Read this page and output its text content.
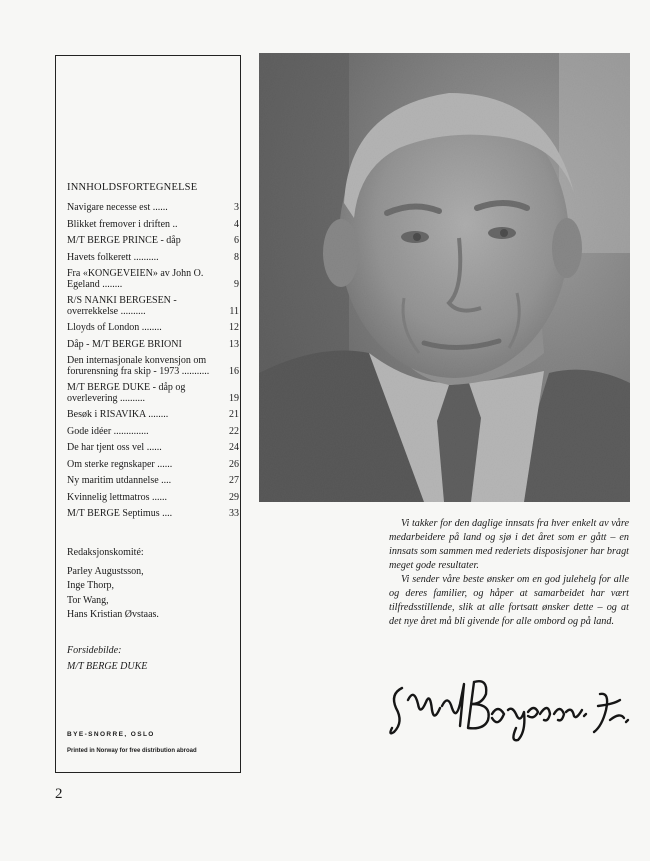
INNHOLDSFORTEGNELSE
Navigare necesse est ......	3
Blikket fremover i driften ..	4
M/T BERGE PRINCE - dåp	6
Havets folkerett ..........	8
Fra «KONGEVEIEN» av John O. Egeland ........	9
R/S NANKI BERGESEN - overrekkelse ..........	11
Lloyds of London ........	12
Dåp - M/T BERGE BRIONI	13
Den internasjonale konvensjon om forurensning fra skip - 1973 ...........	16
M/T BERGE DUKE - dåp og overlevering ..........	19
Besøk i RISAVIKA ........	21
Gode idéer ..............	22
De har tjent oss vel ......	24
Om sterke regnskaper ......	26
Ny maritim utdannelse ....	27
Kvinnelig lettmatros ......	29
M/T BERGE Septimus ....	33
Redaksjonskomité:
Parley Augustsson,
Inge Thorp,
Tor Wang,
Hans Kristian Øvstaas.
Forsidebilde:
M/T BERGE DUKE
BYE-SNORRE, OSLO
Printed in Norway for free distribution abroad
2

Vi takker for den daglige innsats fra hver enkelt av våre medarbeidere på land og sjø i det året som er gått – en innsats som sammen med rederiets disposisjoner har bragt meget gode resultater.

Vi sender våre beste ønsker om en god julehelg for alle og deres familier, og håper at samarbeidet har vært tilfredsstillende, slik at alle fortsatt ønsker dette – og at det nye året må bli givende for alle ombord og på land.
